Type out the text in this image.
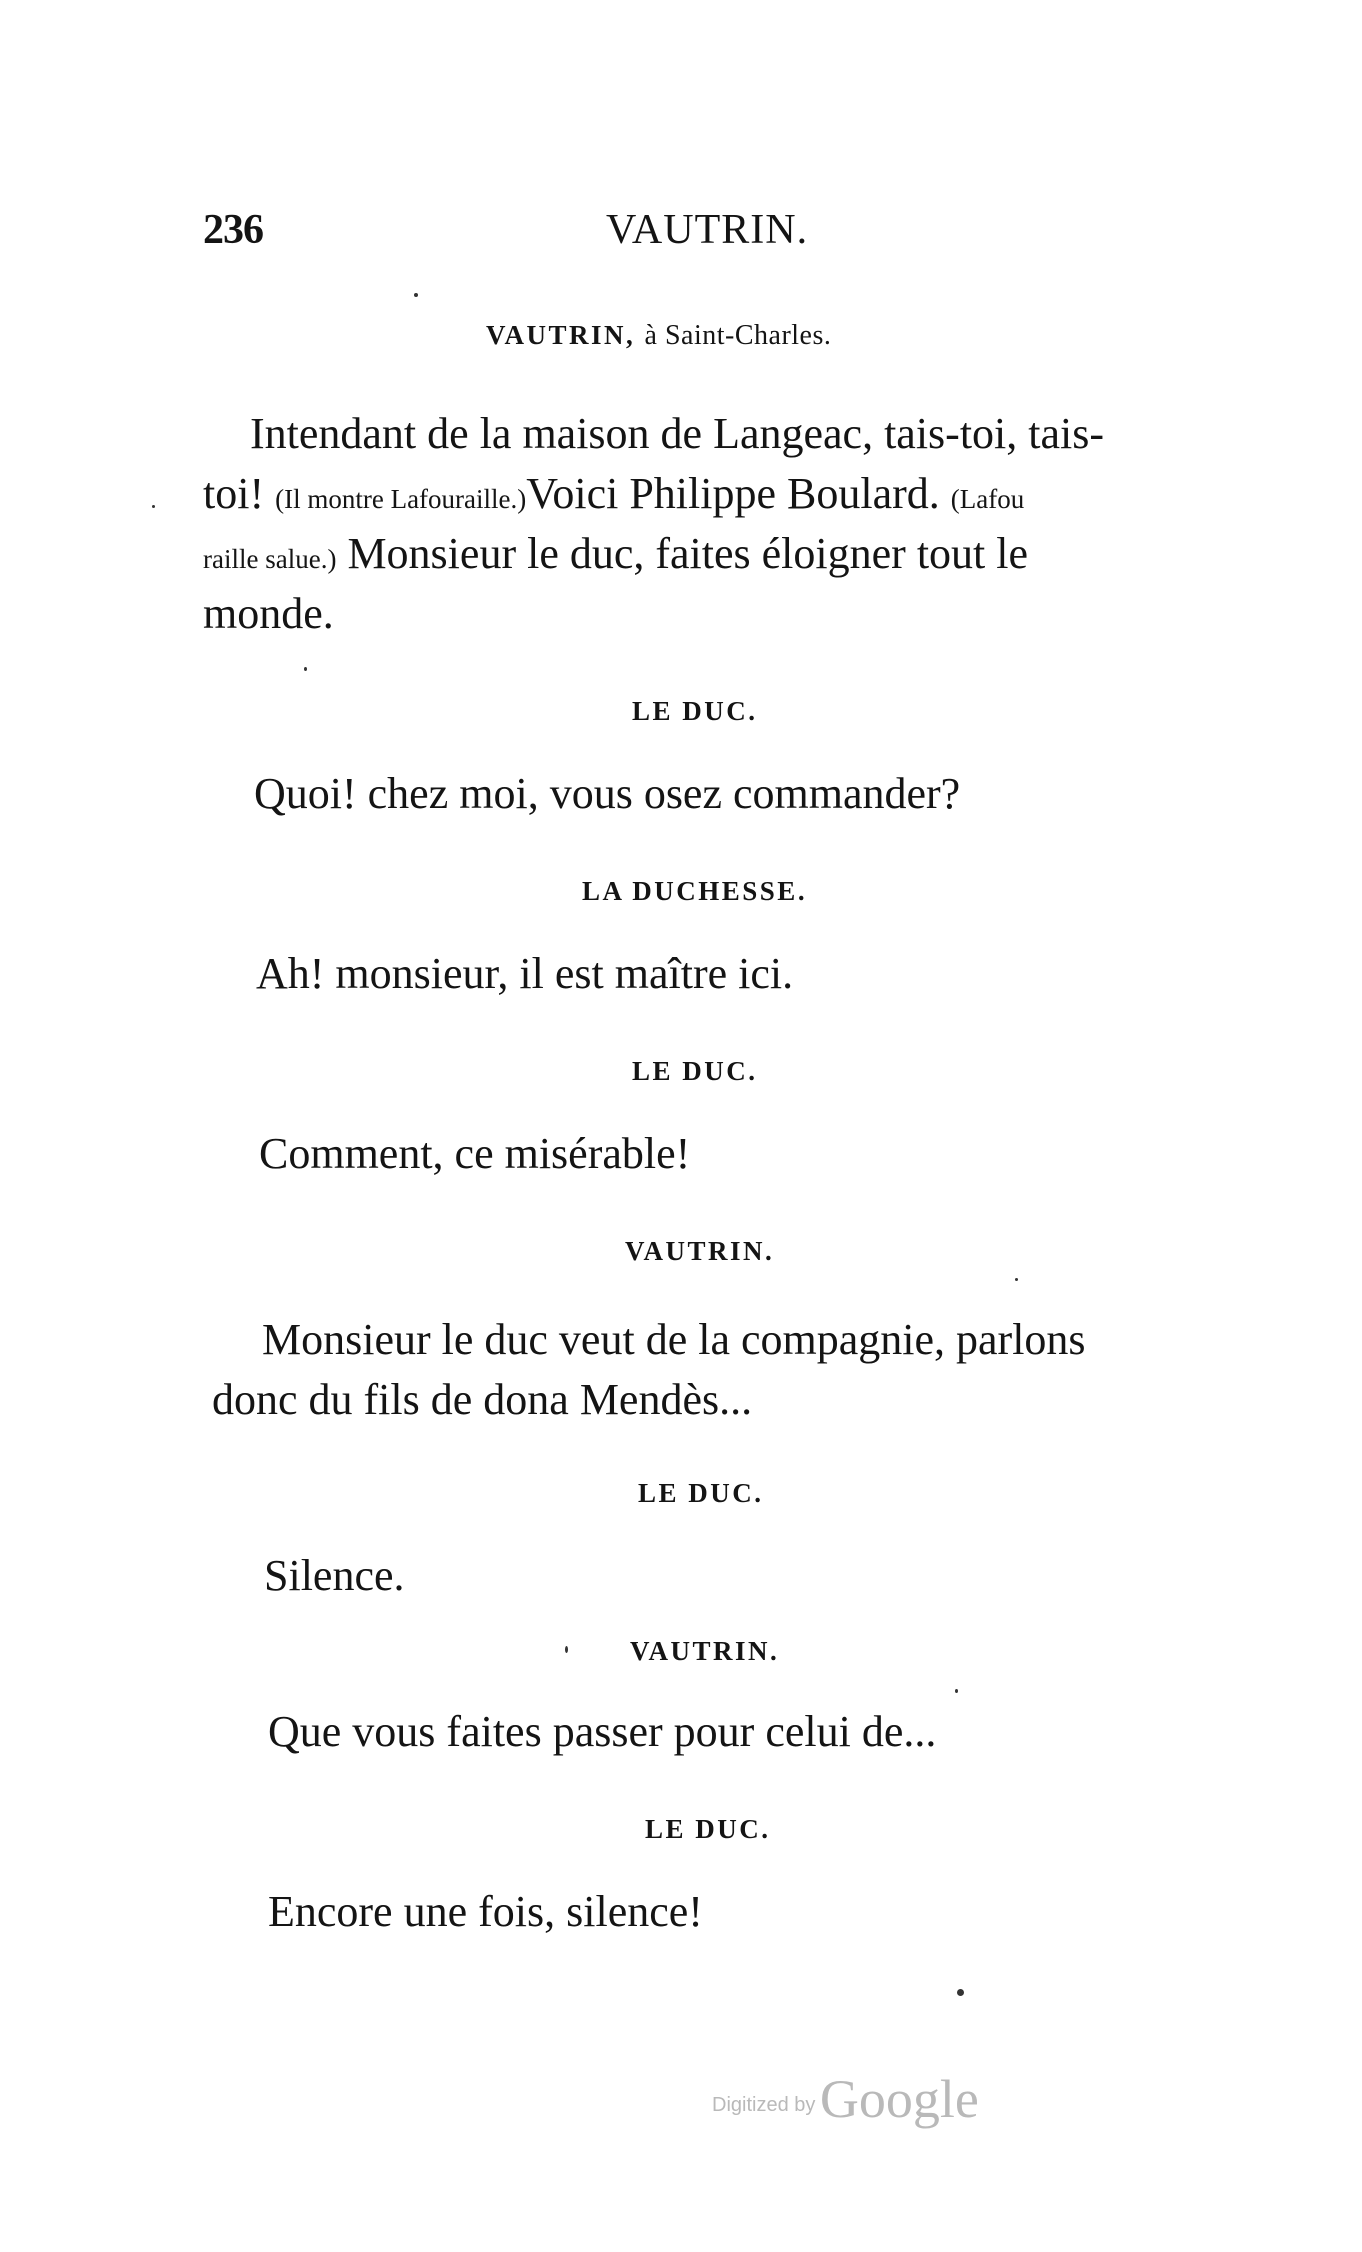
236	VAUTRIN.
VAUTRIN, à Saint-Charles.
Intendant de la maison de Langeac, tais-toi, tais-
toi! (Il montre Lafouraille.)Voici Philippe Boulard. (Lafou
raille salue.) Monsieur le duc, faites éloigner tout le
monde.
LE DUC.
Quoi! chez moi, vous osez commander?
LA DUCHESSE.
Ah! monsieur, il est maître ici.
LE DUC.
Comment, ce misérable!
VAUTRIN.
Monsieur le duc veut de la compagnie, parlons
donc du fils de dona Mendès...
LE DUC.
Silence.
VAUTRIN.
Que vous faites passer pour celui de...
LE DUC.
Encore une fois, silence!
Digitized by Google
